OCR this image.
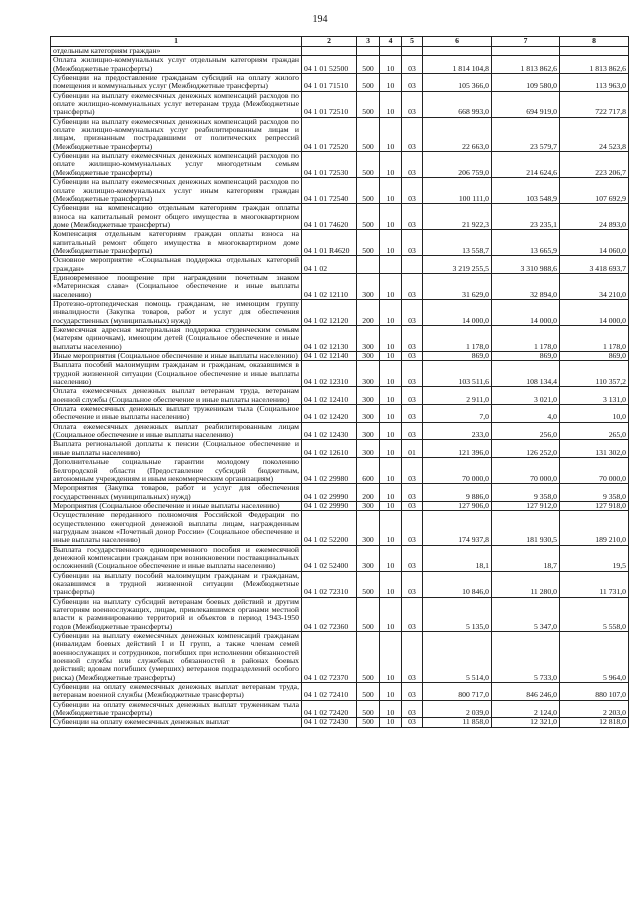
194
1	2	3	4	5	6	7	8
отдельным категориям граждан»							
Оплата жилищно-коммунальных услуг отдельным категориям граждан (Межбюджетные трансферты)	04 1 01 52500	500	10	03	1 814 104,8	1 813 862,6	1 813 862,6
Субвенции на предоставление гражданам субсидий на оплату жилого помещения и коммунальных услуг (Межбюджетные трансферты)	04 1 01 71510	500	10	03	105 366,0	109 580,0	113 963,0
Субвенции на выплату ежемесячных денежных компенсаций расходов по оплате жилищно-коммунальных услуг ветеранам труда (Межбюджетные трансферты)	04 1 01 72510	500	10	03	668 993,0	694 919,0	722 717,8
Субвенции на выплату ежемесячных денежных компенсаций расходов по оплате жилищно-коммунальных услуг реабилитированным лицам и лицам, признанным пострадавшими от политических репрессий (Межбюджетные трансферты)	04 1 01 72520	500	10	03	22 663,0	23 579,7	24 523,8
Субвенции на выплату ежемесячных денежных компенсаций расходов по оплате жилищно-коммунальных услуг многодетным семьям (Межбюджетные трансферты)	04 1 01 72530	500	10	03	206 759,0	214 624,6	223 206,7
Субвенции на выплату ежемесячных денежных компенсаций расходов по оплате жилищно-коммунальных услуг иным категориям граждан (Межбюджетные трансферты)	04 1 01 72540	500	10	03	100 111,0	103 548,9	107 692,9
Субвенции на компенсацию отдельным категориям граждан оплаты взноса на капитальный ремонт общего имущества в многоквартирном доме (Межбюджетные трансферты)	04 1 01 74620	500	10	03	21 922,3	23 235,1	24 893,0
Компенсация отдельным категориям граждан оплаты взноса на капитальный ремонт общего имущества в многоквартирном доме (Межбюджетные трансферты)	04 1 01 R4620	500	10	03	13 558,7	13 665,9	14 060,0
Основное мероприятие «Социальная поддержка отдельных категорий граждан»	04 1 02				3 219 255,5	3 310 988,6	3 418 693,7
Единовременное поощрение при награждении почетным знаком «Материнская слава» (Социальное обеспечение и иные выплаты населению)	04 1 02 12110	300	10	03	31 629,0	32 894,0	34 210,0
Протезно-ортопедическая помощь гражданам, не имеющим группу инвалидности (Закупка товаров, работ и услуг для обеспечения государственных (муниципальных) нужд)	04 1 02 12120	200	10	03	14 000,0	14 000,0	14 000,0
Ежемесячная адресная материальная поддержка студенческим семьям (матерям одиночкам), имеющим детей (Социальное обеспечение и иные выплаты населению)	04 1 02 12130	300	10	03	1 178,0	1 178,0	1 178,0
Иные мероприятия (Социальное обеспечение и иные выплаты населению)	04 1 02 12140	300	10	03	869,0	869,0	869,0
Выплата пособий малоимущим гражданам и гражданам, оказавшимся в трудной жизненной ситуации (Социальное обеспечение и иные выплаты населению)	04 1 02 12310	300	10	03	103 511,6	108 134,4	110 357,2
Оплата ежемесячных денежных выплат ветеранам труда, ветеранам военной службы (Социальное обеспечение и иные выплаты населению)	04 1 02 12410	300	10	03	2 911,0	3 021,0	3 131,0
Оплата ежемесячных денежных выплат труженикам тыла (Социальное обеспечение и иные выплаты населению)	04 1 02 12420	300	10	03	7,0	4,0	10,0
Оплата ежемесячных денежных выплат реабилитированным лицам (Социальное обеспечение и иные выплаты населению)	04 1 02 12430	300	10	03	233,0	256,0	265,0
Выплата региональной доплаты к пенсии (Социальное обеспечение и иные выплаты населению)	04 1 02 12610	300	10	01	121 396,0	126 252,0	131 302,0
Дополнительные социальные гарантии молодому поколению Белгородской области (Предоставление субсидий бюджетным, автономным учреждениям и иным некоммерческим организациям)	04 1 02 29980	600	10	03	70 000,0	70 000,0	70 000,0
Мероприятия (Закупка товаров, работ и услуг для обеспечения государственных (муниципальных) нужд)	04 1 02 29990	200	10	03	9 886,0	9 358,0	9 358,0
Мероприятия (Социальное обеспечение и иные выплаты населению)	04 1 02 29990	300	10	03	127 906,0	127 912,0	127 918,0
Осуществление переданного полномочия Российской Федерации по осуществлению ежегодной денежной выплаты лицам, награжденным нагрудным знаком «Почетный донор России» (Социальное обеспечение и иные выплаты населению)	04 1 02 52200	300	10	03	174 937,8	181 930,5	189 210,0
Выплата государственного единовременного пособия и ежемесячной денежной компенсации гражданам при возникновении поствакцинальных осложнений (Социальное обеспечение и иные выплаты населению)	04 1 02 52400	300	10	03	18,1	18,7	19,5
Субвенции на выплату пособий малоимущим гражданам и гражданам, оказавшимся в трудной жизненной ситуации (Межбюджетные трансферты)	04 1 02 72310	500	10	03	10 846,0	11 280,0	11 731,0
Субвенции на выплату субсидий ветеранам боевых действий и другим категориям военнослужащих, лицам, привлекавшимся органами местной власти к разминированию территорий и объектов в период 1943-1950 годов (Межбюджетные трансферты)	04 1 02 72360	500	10	03	5 135,0	5 347,0	5 558,0
Субвенции на выплату ежемесячных денежных компенсаций гражданам (инвалидам боевых действий I и II групп, а также членам семей военнослужащих и сотрудников, погибших при исполнении обязанностей военной службы или служебных обязанностей в районах боевых действий; вдовам погибших (умерших) ветеранов подразделений особого риска) (Межбюджетные трансферты)	04 1 02 72370	500	10	03	5 514,0	5 733,0	5 964,0
Субвенции на оплату ежемесячных денежных выплат ветеранам труда, ветеранам военной службы (Межбюджетные трансферты)	04 1 02 72410	500	10	03	800 717,0	846 246,0	880 107,0
Субвенции на оплату ежемесячных денежных выплат труженикам тыла (Межбюджетные трансферты)	04 1 02 72420	500	10	03	2 039,0	2 124,0	2 203,0
Субвенции на оплату ежемесячных денежных выплат	04 1 02 72430	500	10	03	11 858,0	12 321,0	12 818,0
